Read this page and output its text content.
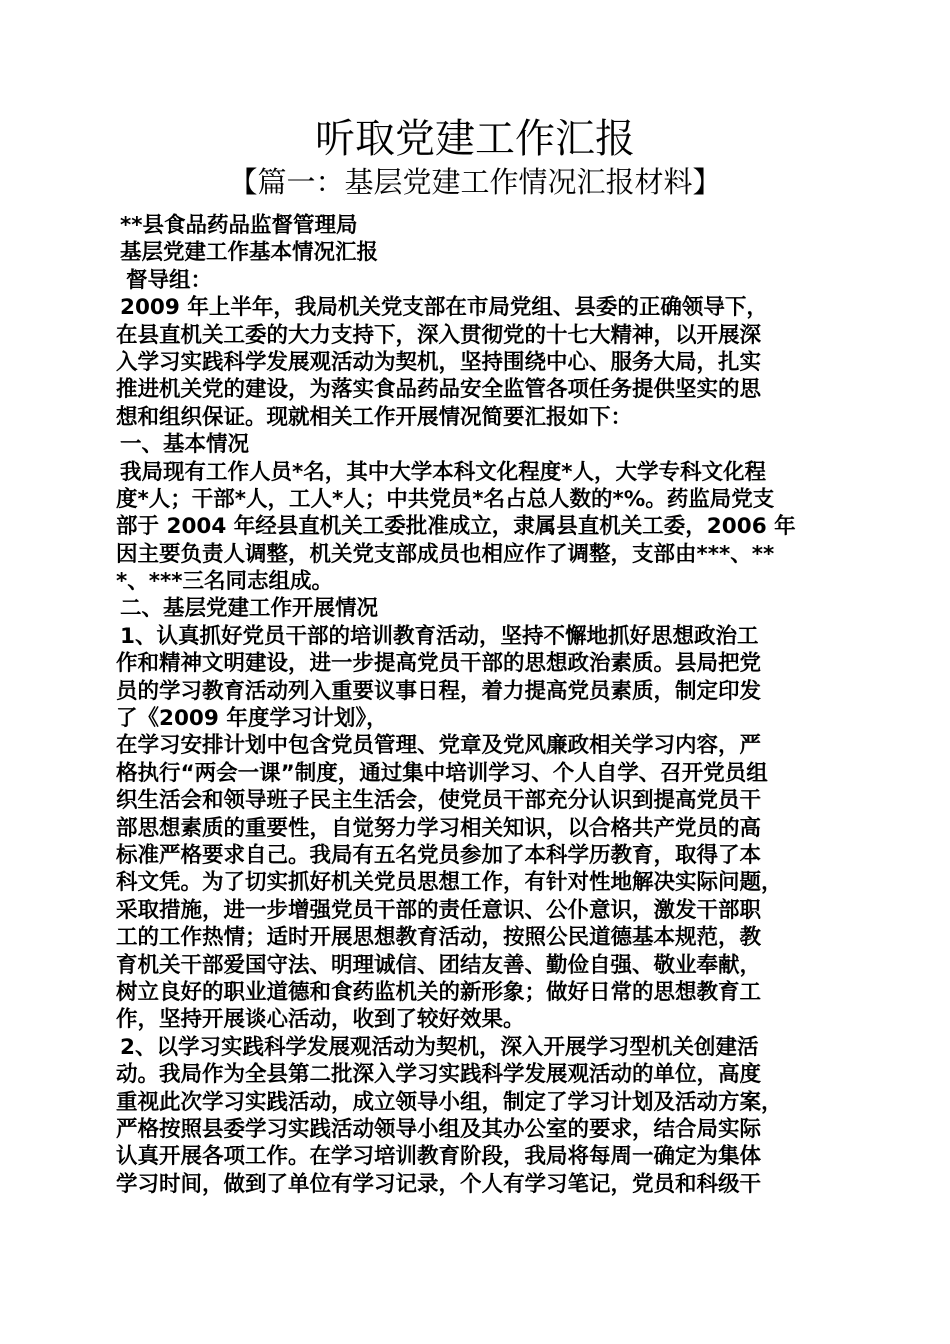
听取党建工作汇报
【篇一：基层党建工作情况汇报材料】
**县食品药品监督管理局
基层党建工作基本情况汇报
督导组：
2009 年上半年，我局机关党支部在市局党组、县委的正确领导下，
在县直机关工委的大力支持下，深入贯彻党的十七大精神，以开展深
入学习实践科学发展观活动为契机，坚持围绕中心、服务大局，扎实
推进机关党的建设，为落实食品药品安全监管各项任务提供坚实的思
想和组织保证。现就相关工作开展情况简要汇报如下：
一、基本情况
我局现有工作人员*名，其中大学本科文化程度*人，大学专科文化程
度*人；干部*人，工人*人；中共党员*名占总人数的*%。药监局党支
部于 2004 年经县直机关工委批准成立，隶属县直机关工委，2006 年
因主要负责人调整，机关党支部成员也相应作了调整，支部由***、**
*、***三名同志组成。
二、基层党建工作开展情况
1、认真抓好党员干部的培训教育活动，坚持不懈地抓好思想政治工
作和精神文明建设，进一步提高党员干部的思想政治素质。县局把党
员的学习教育活动列入重要议事日程，着力提高党员素质，制定印发
了《2009 年度学习计划》，
在学习安排计划中包含党员管理、党章及党风廉政相关学习内容，严
格执行“两会一课”制度，通过集中培训学习、个人自学、召开党员组
织生活会和领导班子民主生活会，使党员干部充分认识到提高党员干
部思想素质的重要性，自觉努力学习相关知识，以合格共产党员的高
标准严格要求自己。我局有五名党员参加了本科学历教育，取得了本
科文凭。为了切实抓好机关党员思想工作，有针对性地解决实际问题，
采取措施，进一步增强党员干部的责任意识、公仆意识，激发干部职
工的工作热情；适时开展思想教育活动，按照公民道德基本规范，教
育机关干部爱国守法、明理诚信、团结友善、勤俭自强、敬业奉献，
树立良好的职业道德和食药监机关的新形象；做好日常的思想教育工
作，坚持开展谈心活动，收到了较好效果。
2、以学习实践科学发展观活动为契机，深入开展学习型机关创建活
动。我局作为全县第二批深入学习实践科学发展观活动的单位，高度
重视此次学习实践活动，成立领导小组，制定了学习计划及活动方案，
严格按照县委学习实践活动领导小组及其办公室的要求，结合局实际
认真开展各项工作。在学习培训教育阶段，我局将每周一确定为集体
学习时间，做到了单位有学习记录，个人有学习笔记，党员和科级干
